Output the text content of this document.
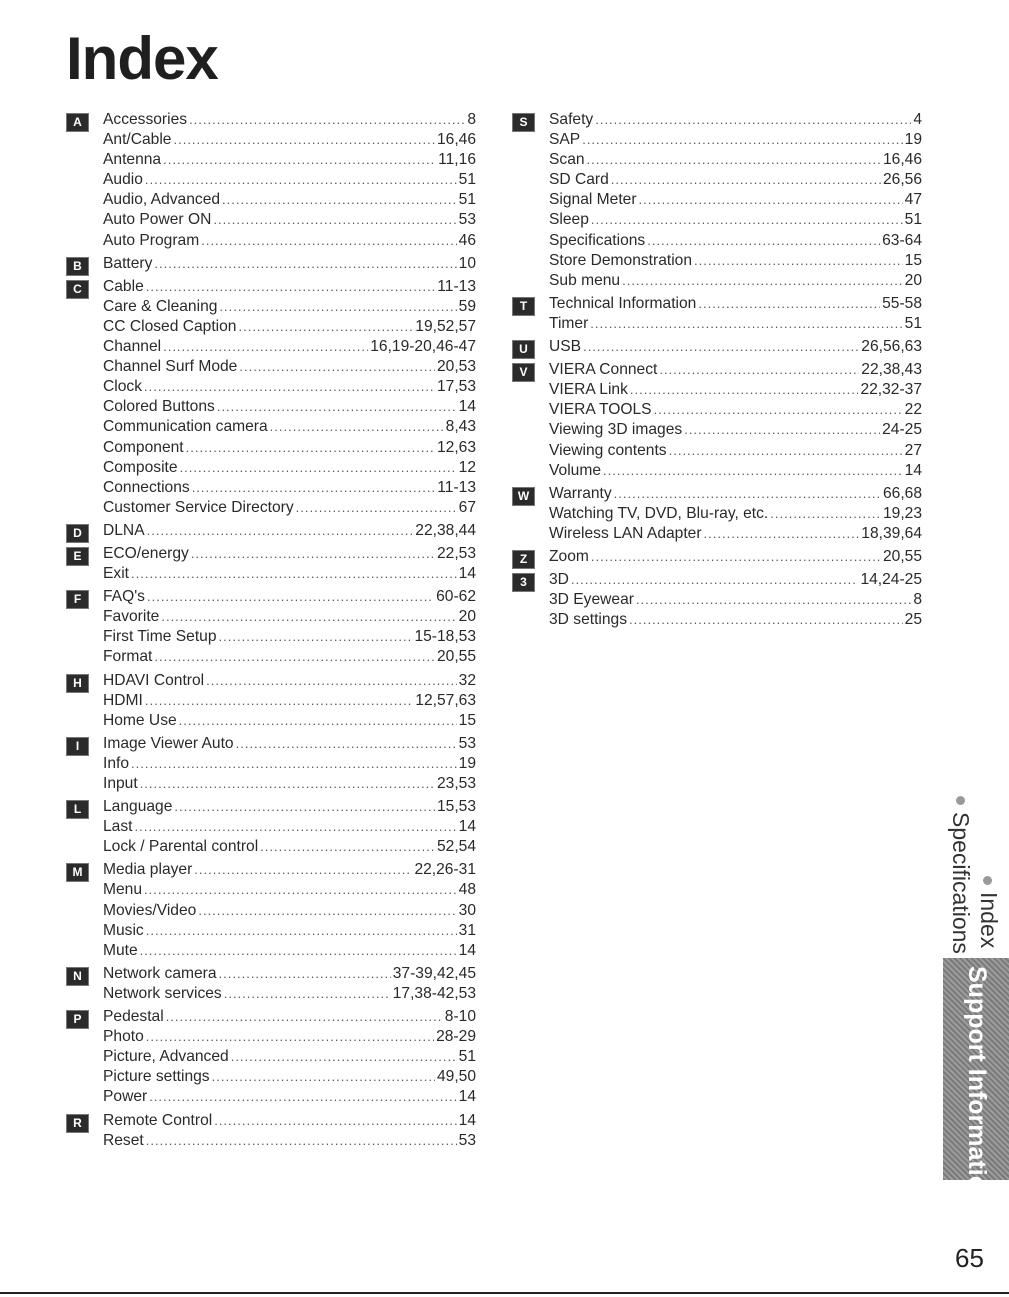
Index
A	Accessories .....	8
Ant/Cable .....	16,46
Antenna .....	11,16
Audio .....	51
Audio, Advanced .....	51
Auto Power ON .....	53
Auto Program .....	46
B	Battery .....	10
C	Cable .....	11-13
Care & Cleaning .....	59
CC Closed Caption .....	19,52,57
Channel .....	16,19-20,46-47
Channel Surf Mode .....	20,53
Clock .....	17,53
Colored Buttons .....	14
Communication camera .....	8,43
Component .....	12,63
Composite .....	12
Connections .....	11-13
Customer Service Directory .....	67
D	DLNA .....	22,38,44
E	ECO/energy .....	22,53
Exit .....	14
F	FAQ's .....	60-62
Favorite .....	20
First Time Setup .....	15-18,53
Format .....	20,55
H	HDAVI Control .....	32
HDMI .....	12,57,63
Home Use .....	15
I	Image Viewer Auto .....	53
Info .....	19
Input .....	23,53
L	Language .....	15,53
Last .....	14
Lock / Parental control .....	52,54
M	Media player .....	22,26-31
Menu .....	48
Movies/Video .....	30
Music .....	31
Mute .....	14
N	Network camera .....	37-39,42,45
Network services .....	17,38-42,53
P	Pedestal .....	8-10
Photo .....	28-29
Picture, Advanced .....	51
Picture settings .....	49,50
Power .....	14
R	Remote Control .....	14
Reset .....	53
S	Safety .....	4
SAP .....	19
Scan .....	16,46
SD Card .....	26,56
Signal Meter .....	47
Sleep .....	51
Specifications .....	63-64
Store Demonstration .....	15
Sub menu .....	20
T	Technical Information .....	55-58
Timer .....	51
U	USB .....	26,56,63
V	VIERA Connect .....	22,38,43
VIERA Link .....	22,32-37
VIERA TOOLS .....	22
Viewing 3D images .....	24-25
Viewing contents .....	27
Volume .....	14
W	Warranty .....	66,68
Watching TV, DVD, Blu-ray, etc. .....	19,23
Wireless LAN Adapter .....	18,39,64
Z	Zoom .....	20,55
3	3D .....	14,24-25
3D Eyewear .....	8
3D settings .....	25
Specifications Index
Support Information
65
